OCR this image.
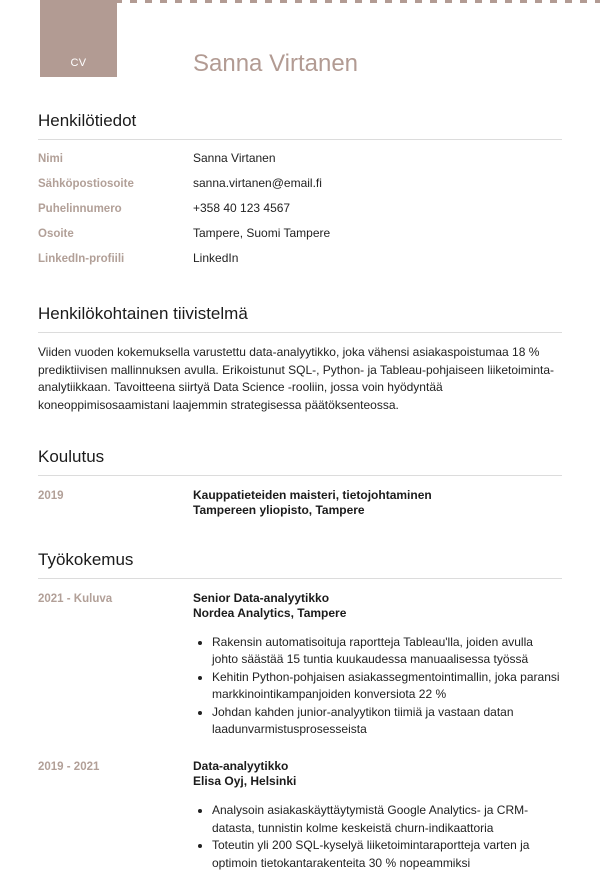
CV	Sanna Virtanen
Henkilötiedot
Nimi	Sanna Virtanen
Sähköpostiosoite	sanna.virtanen@email.fi
Puhelinnumero	+358 40 123 4567
Osoite	Tampere, Suomi Tampere
LinkedIn-profiili	LinkedIn
Henkilökohtainen tiivistelmä

Viiden vuoden kokemuksella varustettu data-analyytikko, joka vähensi asiakaspoistumaa 18 % prediktiivisen mallinnuksen avulla. Erikoistunut SQL-, Python- ja Tableau-pohjaiseen liiketoiminta-analytiikkaan. Tavoitteena siirtyä Data Science -rooliin, jossa voin hyödyntää koneoppimisosaamistani laajemmin strategisessa päätöksenteossa.

Koulutus
2019	Kauppatieteiden maisteri, tietojohtaminen
Tampereen yliopisto, Tampere
Työkokemus
2021 - Kuluva	Senior Data-analyytikko
Nordea Analytics, Tampere
• Rakensin automatisoituja raportteja Tableau'lla, joiden avulla johto säästää 15 tuntia kuukaudessa manuaalisessa työssä
• Kehitin Python-pohjaisen asiakassegmentointimallin, joka paransi markkinointikampanjoiden konversiota 22 %
• Johdan kahden junior-analyytikon tiimiä ja vastaan datan laadunvarmistusprosesseista
2019 - 2021	Data-analyytikko
Elisa Oyj, Helsinki
• Analysoin asiakaskäyttäytymistä Google Analytics- ja CRM-datasta, tunnistin kolme keskeistä churn-indikaattoria
• Toteutin yli 200 SQL-kyselyä liiketoimintaraportteja varten ja optimoin tietokantarakenteita 30 % nopeammiksi
